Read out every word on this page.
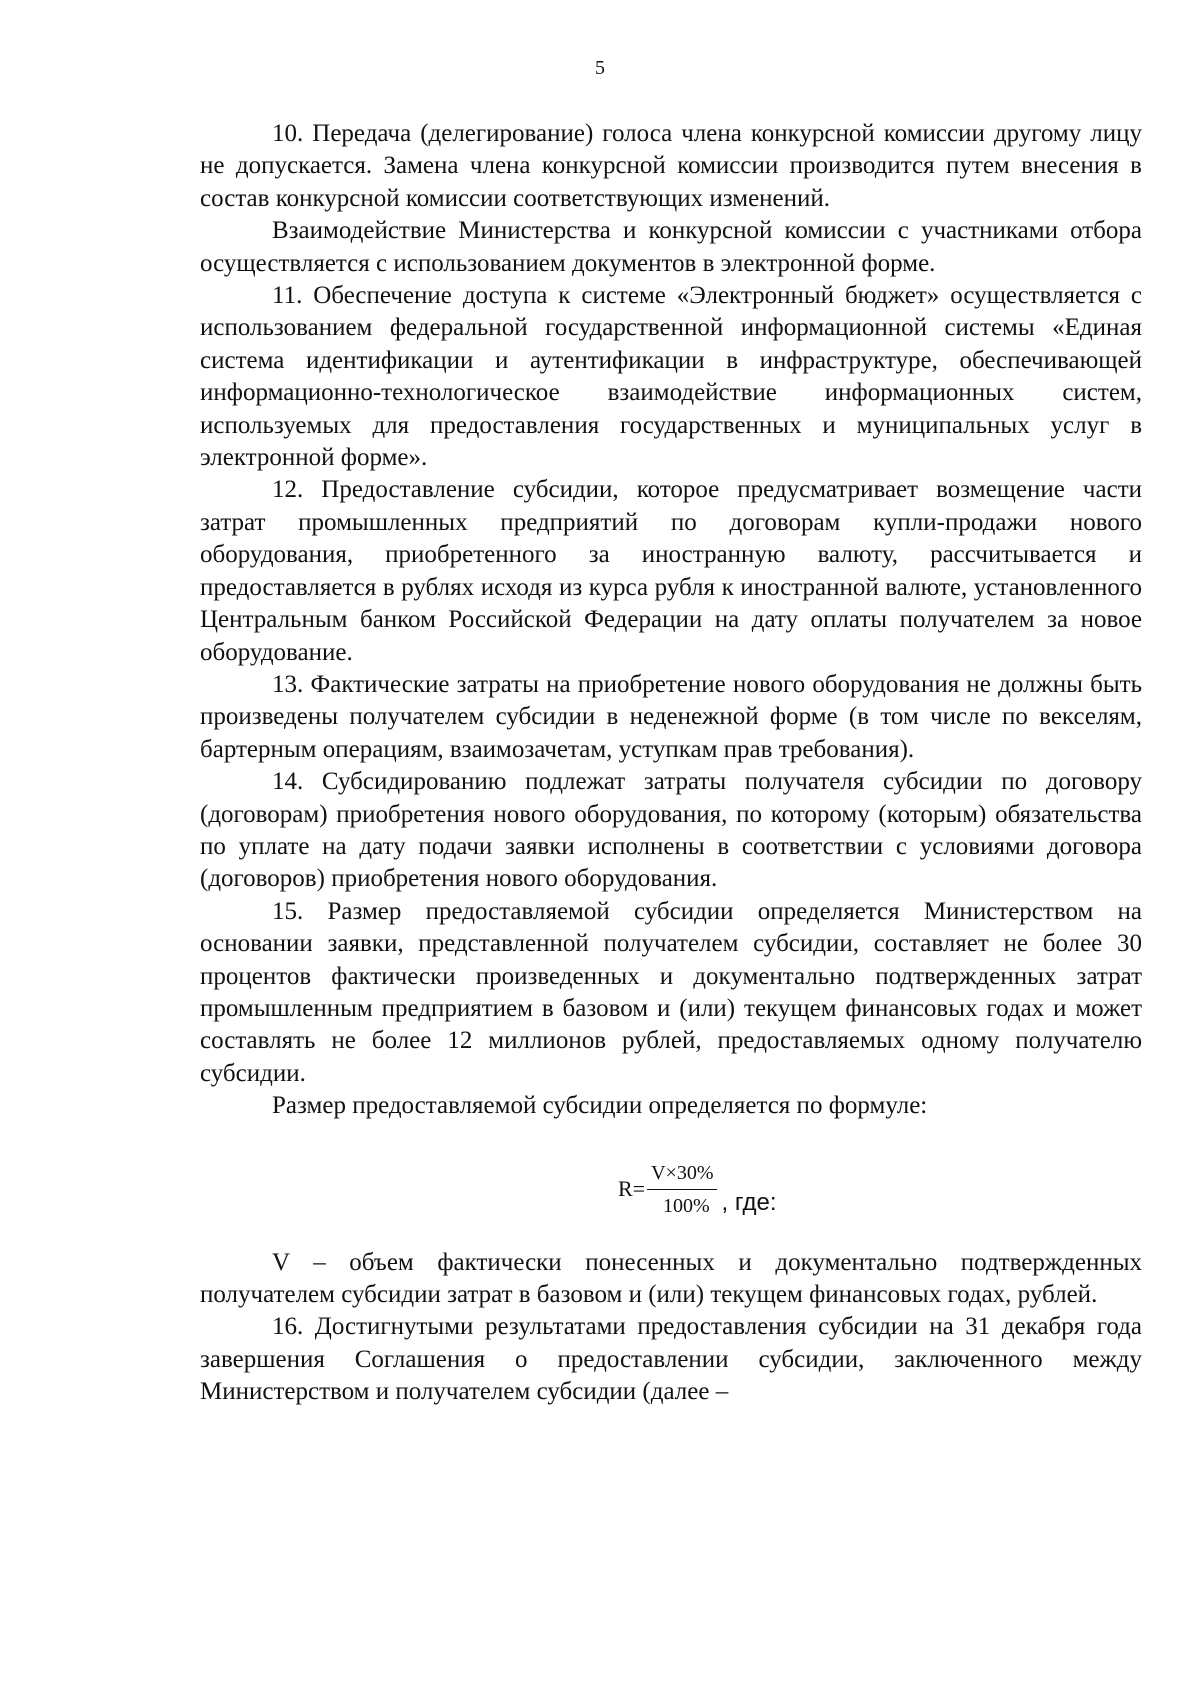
5

10. Передача (делегирование) голоса члена конкурсной комиссии другому лицу не допускается. Замена члена конкурсной комиссии производится путем внесения в состав конкурсной комиссии соответствующих изменений.

Взаимодействие Министерства и конкурсной комиссии с участниками отбора осуществляется с использованием документов в электронной форме.

11. Обеспечение доступа к системе «Электронный бюджет» осуществляется с использованием федеральной государственной информационной системы «Единая система идентификации и аутентификации в инфраструктуре, обеспечивающей информационно-технологическое взаимодействие информационных систем, используемых для предоставления государственных и муниципальных услуг в электронной форме».

12. Предоставление субсидии, которое предусматривает возмещение части затрат промышленных предприятий по договорам купли-продажи нового оборудования, приобретенного за иностранную валюту, рассчитывается и предоставляется в рублях исходя из курса рубля к иностранной валюте, установленного Центральным банком Российской Федерации на дату оплаты получателем за новое оборудование.

13. Фактические затраты на приобретение нового оборудования не должны быть произведены получателем субсидии в неденежной форме (в том числе по векселям, бартерным операциям, взаимозачетам, уступкам прав требования).

14. Субсидированию подлежат затраты получателя субсидии по договору (договорам) приобретения нового оборудования, по которому (которым) обязательства по уплате на дату подачи заявки исполнены в соответствии с условиями договора (договоров) приобретения нового оборудования.

15. Размер предоставляемой субсидии определяется Министерством на основании заявки, представленной получателем субсидии, составляет не более 30 процентов фактически произведенных и документально подтвержденных затрат промышленным предприятием в базовом и (или) текущем финансовых годах и может составлять не более 12 миллионов рублей, предоставляемых одному получателю субсидии.

Размер предоставляемой субсидии определяется по формуле:

$R= \frac{V\times 30\%}{100\%}$ , где:

V – объем фактически понесенных и документально подтвержденных получателем субсидии затрат в базовом и (или) текущем финансовых годах, рублей.

16. Достигнутыми результатами предоставления субсидии на 31 декабря года завершения Соглашения о предоставлении субсидии, заключенного между Министерством и получателем субсидии (далее –
